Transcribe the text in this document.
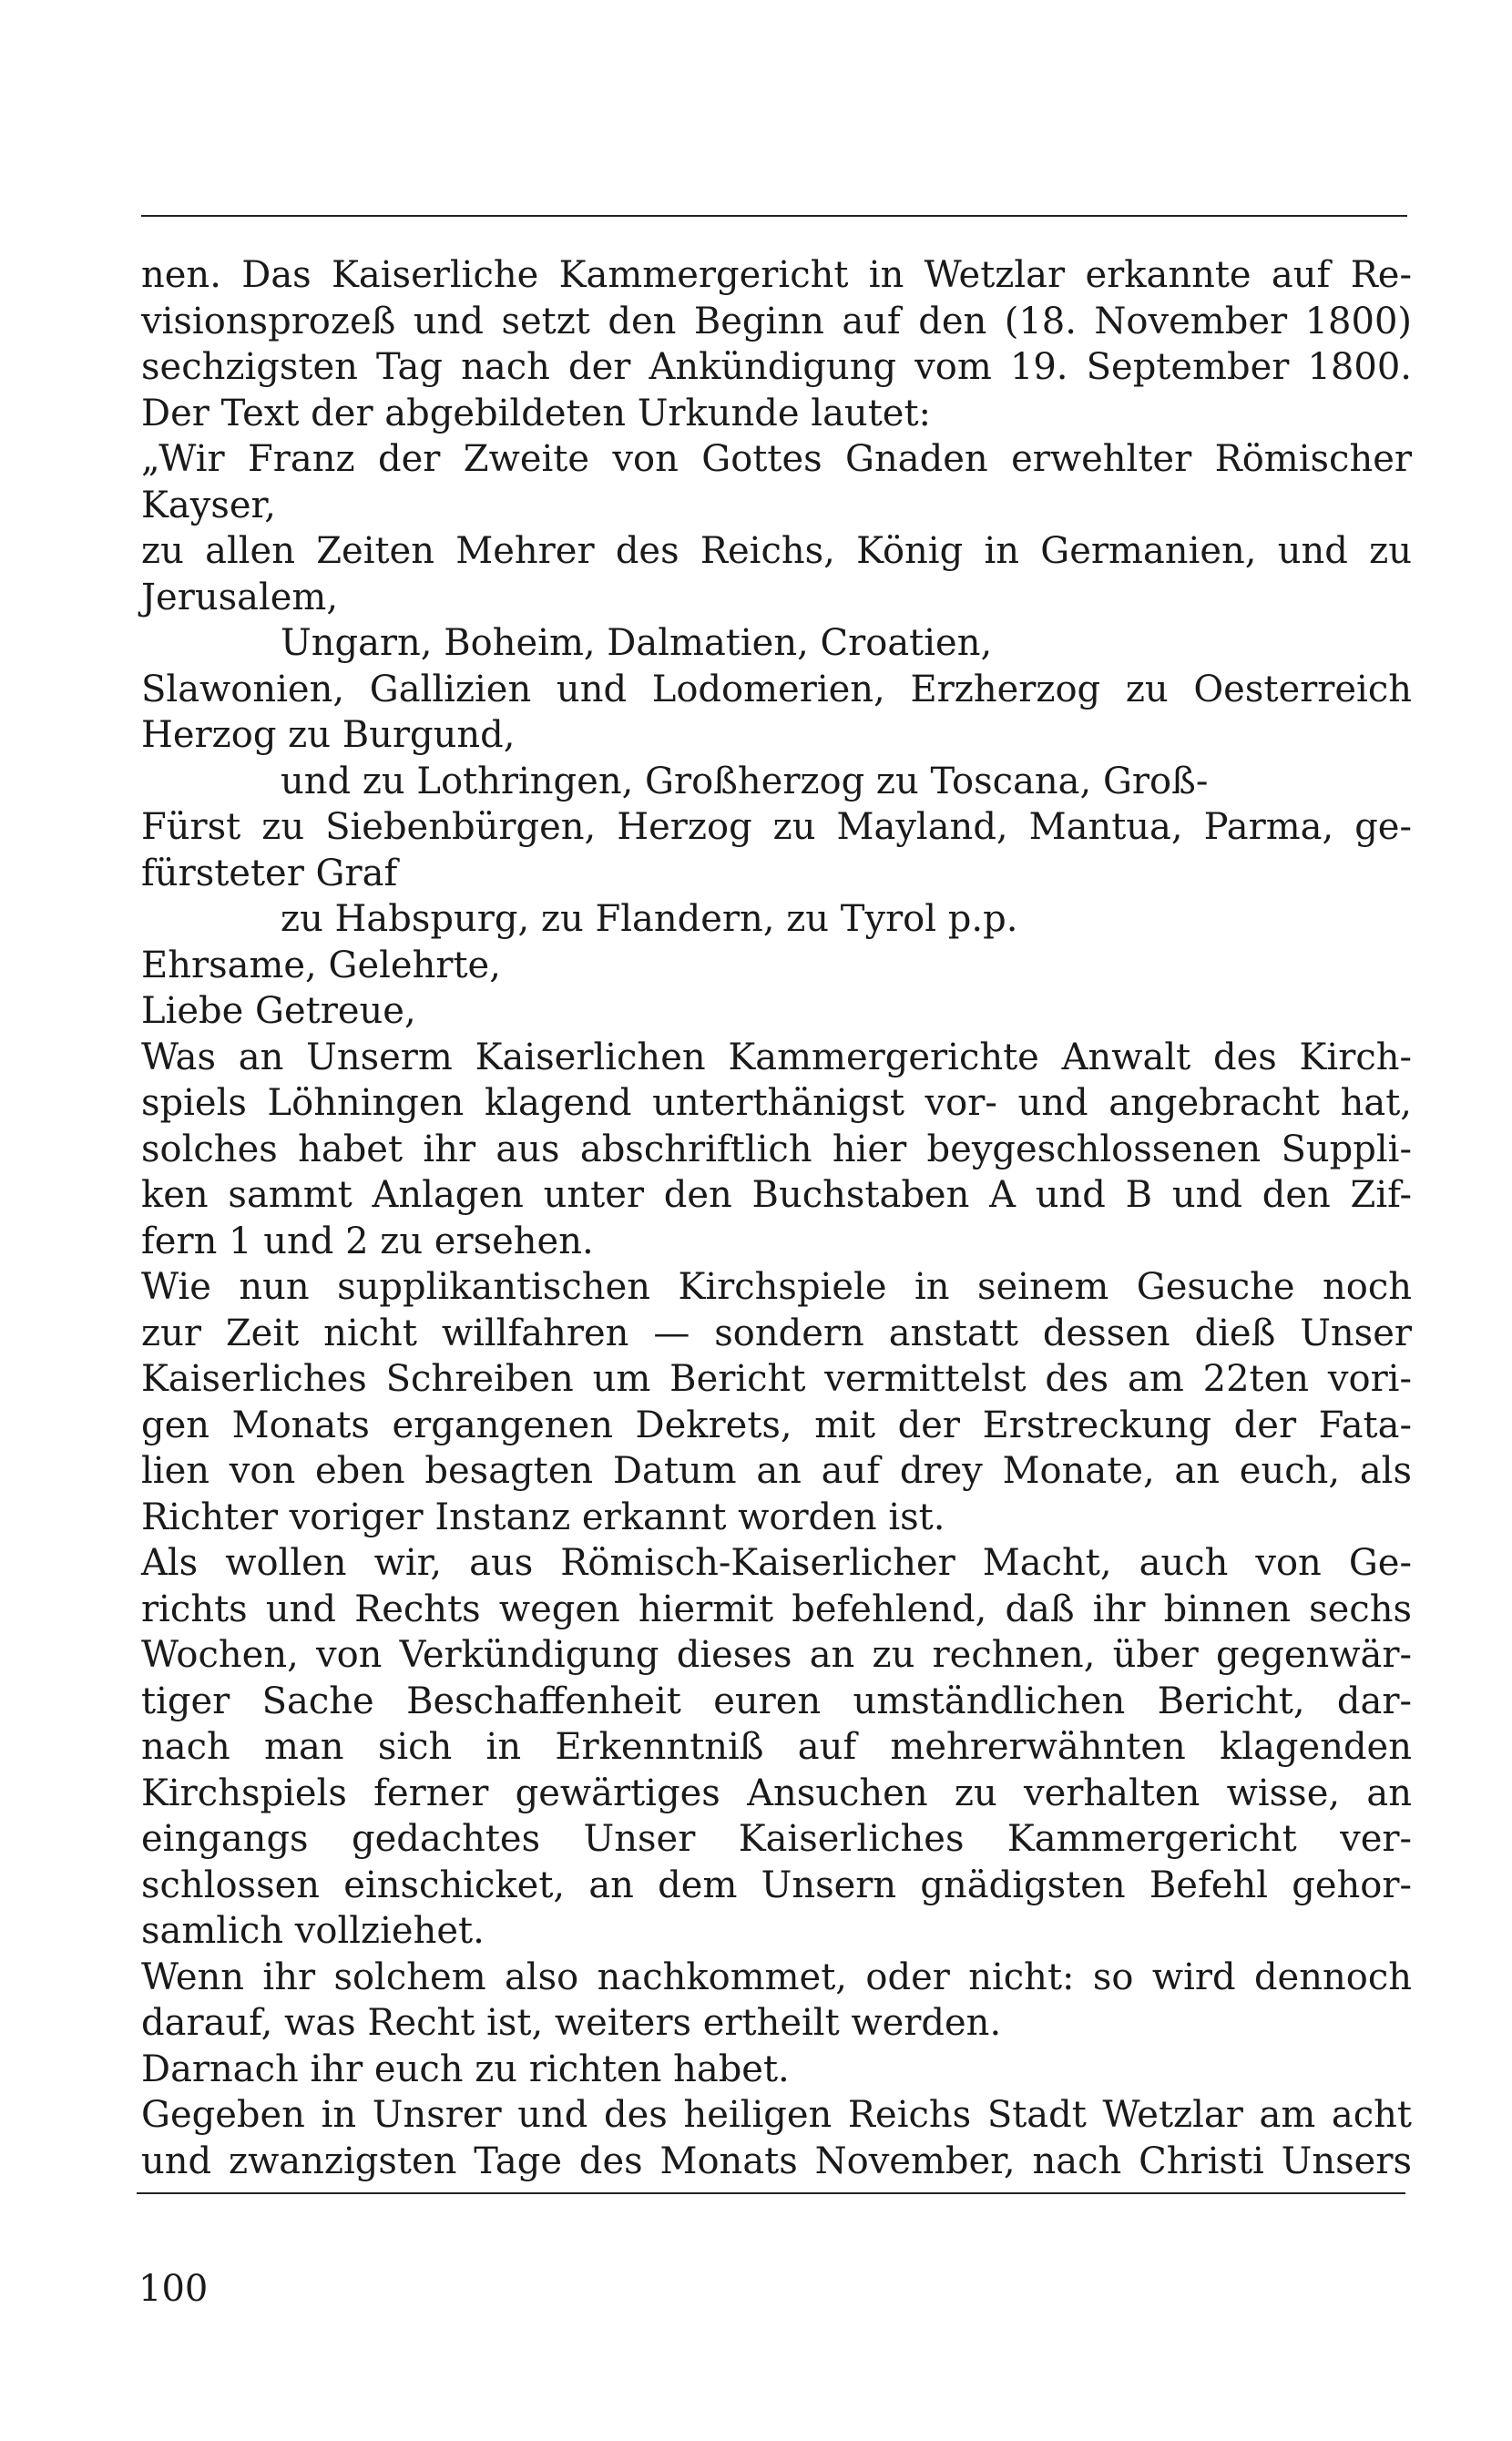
nen. Das Kaiserliche Kammergericht in Wetzlar erkannte auf Re-
visionsprozeß und setzt den Beginn auf den (18. November 1800)
sechzigsten Tag nach der Ankündigung vom 19. September 1800.
Der Text der abgebildeten Urkunde lautet:
„Wir Franz der Zweite von Gottes Gnaden erwehlter Römischer
Kayser,
zu allen Zeiten Mehrer des Reichs, König in Germanien, und zu
Jerusalem,
Ungarn, Boheim, Dalmatien, Croatien,
Slawonien, Gallizien und Lodomerien, Erzherzog zu Oesterreich
Herzog zu Burgund,
und zu Lothringen, Großherzog zu Toscana, Groß-
Fürst zu Siebenbürgen, Herzog zu Mayland, Mantua, Parma, ge-
fürsteter Graf
zu Habspurg, zu Flandern, zu Tyrol p.p.
Ehrsame, Gelehrte,
Liebe Getreue,
Was an Unserm Kaiserlichen Kammergerichte Anwalt des Kirch-
spiels Löhningen klagend unterthänigst vor- und angebracht hat,
solches habet ihr aus abschriftlich hier beygeschlossenen Suppli-
ken sammt Anlagen unter den Buchstaben A und B und den Zif-
fern 1 und 2 zu ersehen.
Wie nun supplikantischen Kirchspiele in seinem Gesuche noch
zur Zeit nicht willfahren — sondern anstatt dessen dieß Unser
Kaiserliches Schreiben um Bericht vermittelst des am 22ten vori-
gen Monats ergangenen Dekrets, mit der Erstreckung der Fata-
lien von eben besagten Datum an auf drey Monate, an euch, als
Richter voriger Instanz erkannt worden ist.
Als wollen wir, aus Römisch-Kaiserlicher Macht, auch von Ge-
richts und Rechts wegen hiermit befehlend, daß ihr binnen sechs
Wochen, von Verkündigung dieses an zu rechnen, über gegenwär-
tiger Sache Beschaffenheit euren umständlichen Bericht, dar-
nach man sich in Erkenntniß auf mehrerwähnten klagenden
Kirchspiels ferner gewärtiges Ansuchen zu verhalten wisse, an
eingangs gedachtes Unser Kaiserliches Kammergericht ver-
schlossen einschicket, an dem Unsern gnädigsten Befehl gehor-
samlich vollziehet.
Wenn ihr solchem also nachkommet, oder nicht: so wird dennoch
darauf, was Recht ist, weiters ertheilt werden.
Darnach ihr euch zu richten habet.
Gegeben in Unsrer und des heiligen Reichs Stadt Wetzlar am acht
und zwanzigsten Tage des Monats November, nach Christi Unsers
100
